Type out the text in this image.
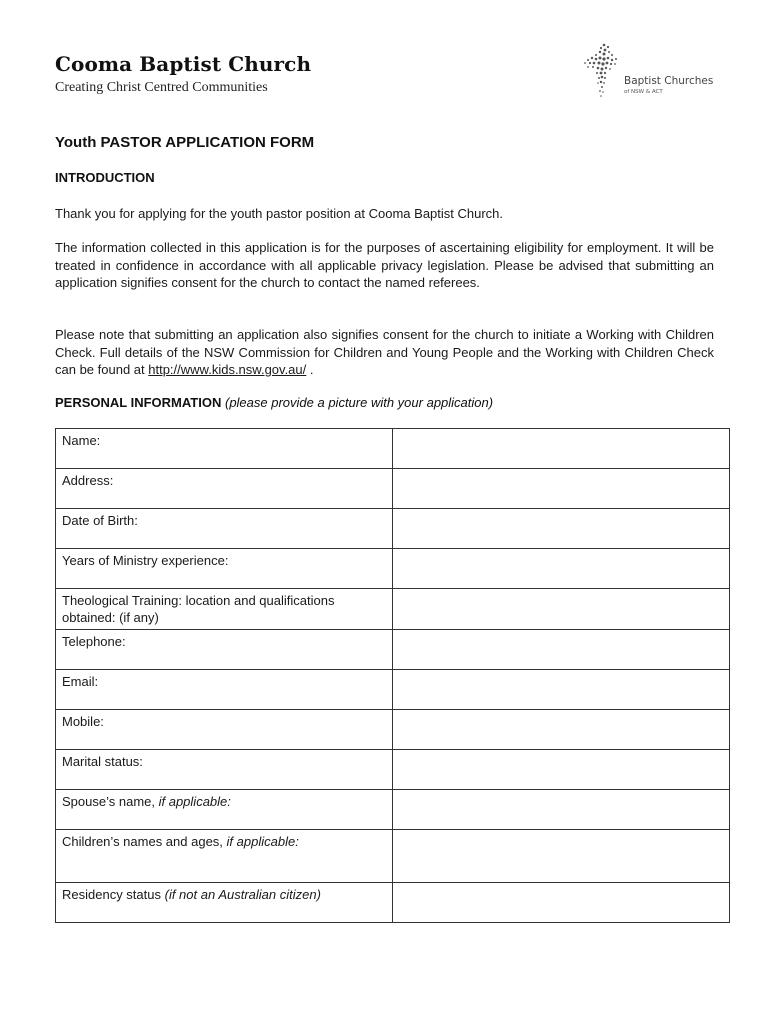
Cooma Baptist Church
Creating Christ Centred Communities	Baptist Churches
of NSW & ACT
Youth PASTOR APPLICATION FORM
INTRODUCTION
Thank you for applying for the youth pastor position at Cooma Baptist Church.
The information collected in this application is for the purposes of ascertaining eligibility for employment. It will be treated in confidence in accordance with all applicable privacy legislation. Please be advised that submitting an application signifies consent for the church to contact the named referees.
Please note that submitting an application also signifies consent for the church to initiate a Working with Children Check. Full details of the NSW Commission for Children and Young People and the Working with Children Check can be found at http://www.kids.nsw.gov.au/ .
PERSONAL INFORMATION (please provide a picture with your application)
Name:	
Address:	
Date of Birth:	
Years of Ministry experience:	
Theological Training: location and qualifications obtained: (if any)	
Telephone:	
Email:	
Mobile:	
Marital status:	
Spouse’s name, if applicable:	
Children’s names and ages, if applicable:	
Residency status (if not an Australian citizen)	
